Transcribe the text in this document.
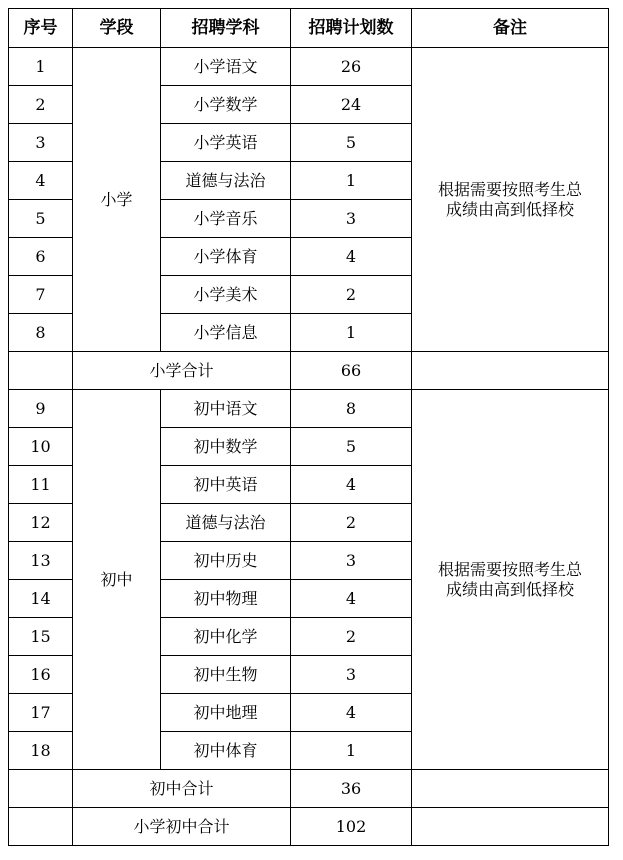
序号	学段	招聘学科	招聘计划数	备注
1	小学	小学语文	26	根据需要按照考生总
成绩由高到低择校

2		小学数学	24	
3		小学英语	5	
4		道德与法治	1	
5		小学音乐	3	
6		小学体育	4	
7		小学美术	2	
8		小学信息	1	
	小学合计		66	
9	初中	初中语文	8	根据需要按照考生总
成绩由高到低择校

10		初中数学	5	
11		初中英语	4	
12		道德与法治	2	
13		初中历史	3	
14		初中物理	4	
15		初中化学	2	
16		初中生物	3	
17		初中地理	4	
18		初中体育	1	
	初中合计		36	
	小学初中合计		102	
